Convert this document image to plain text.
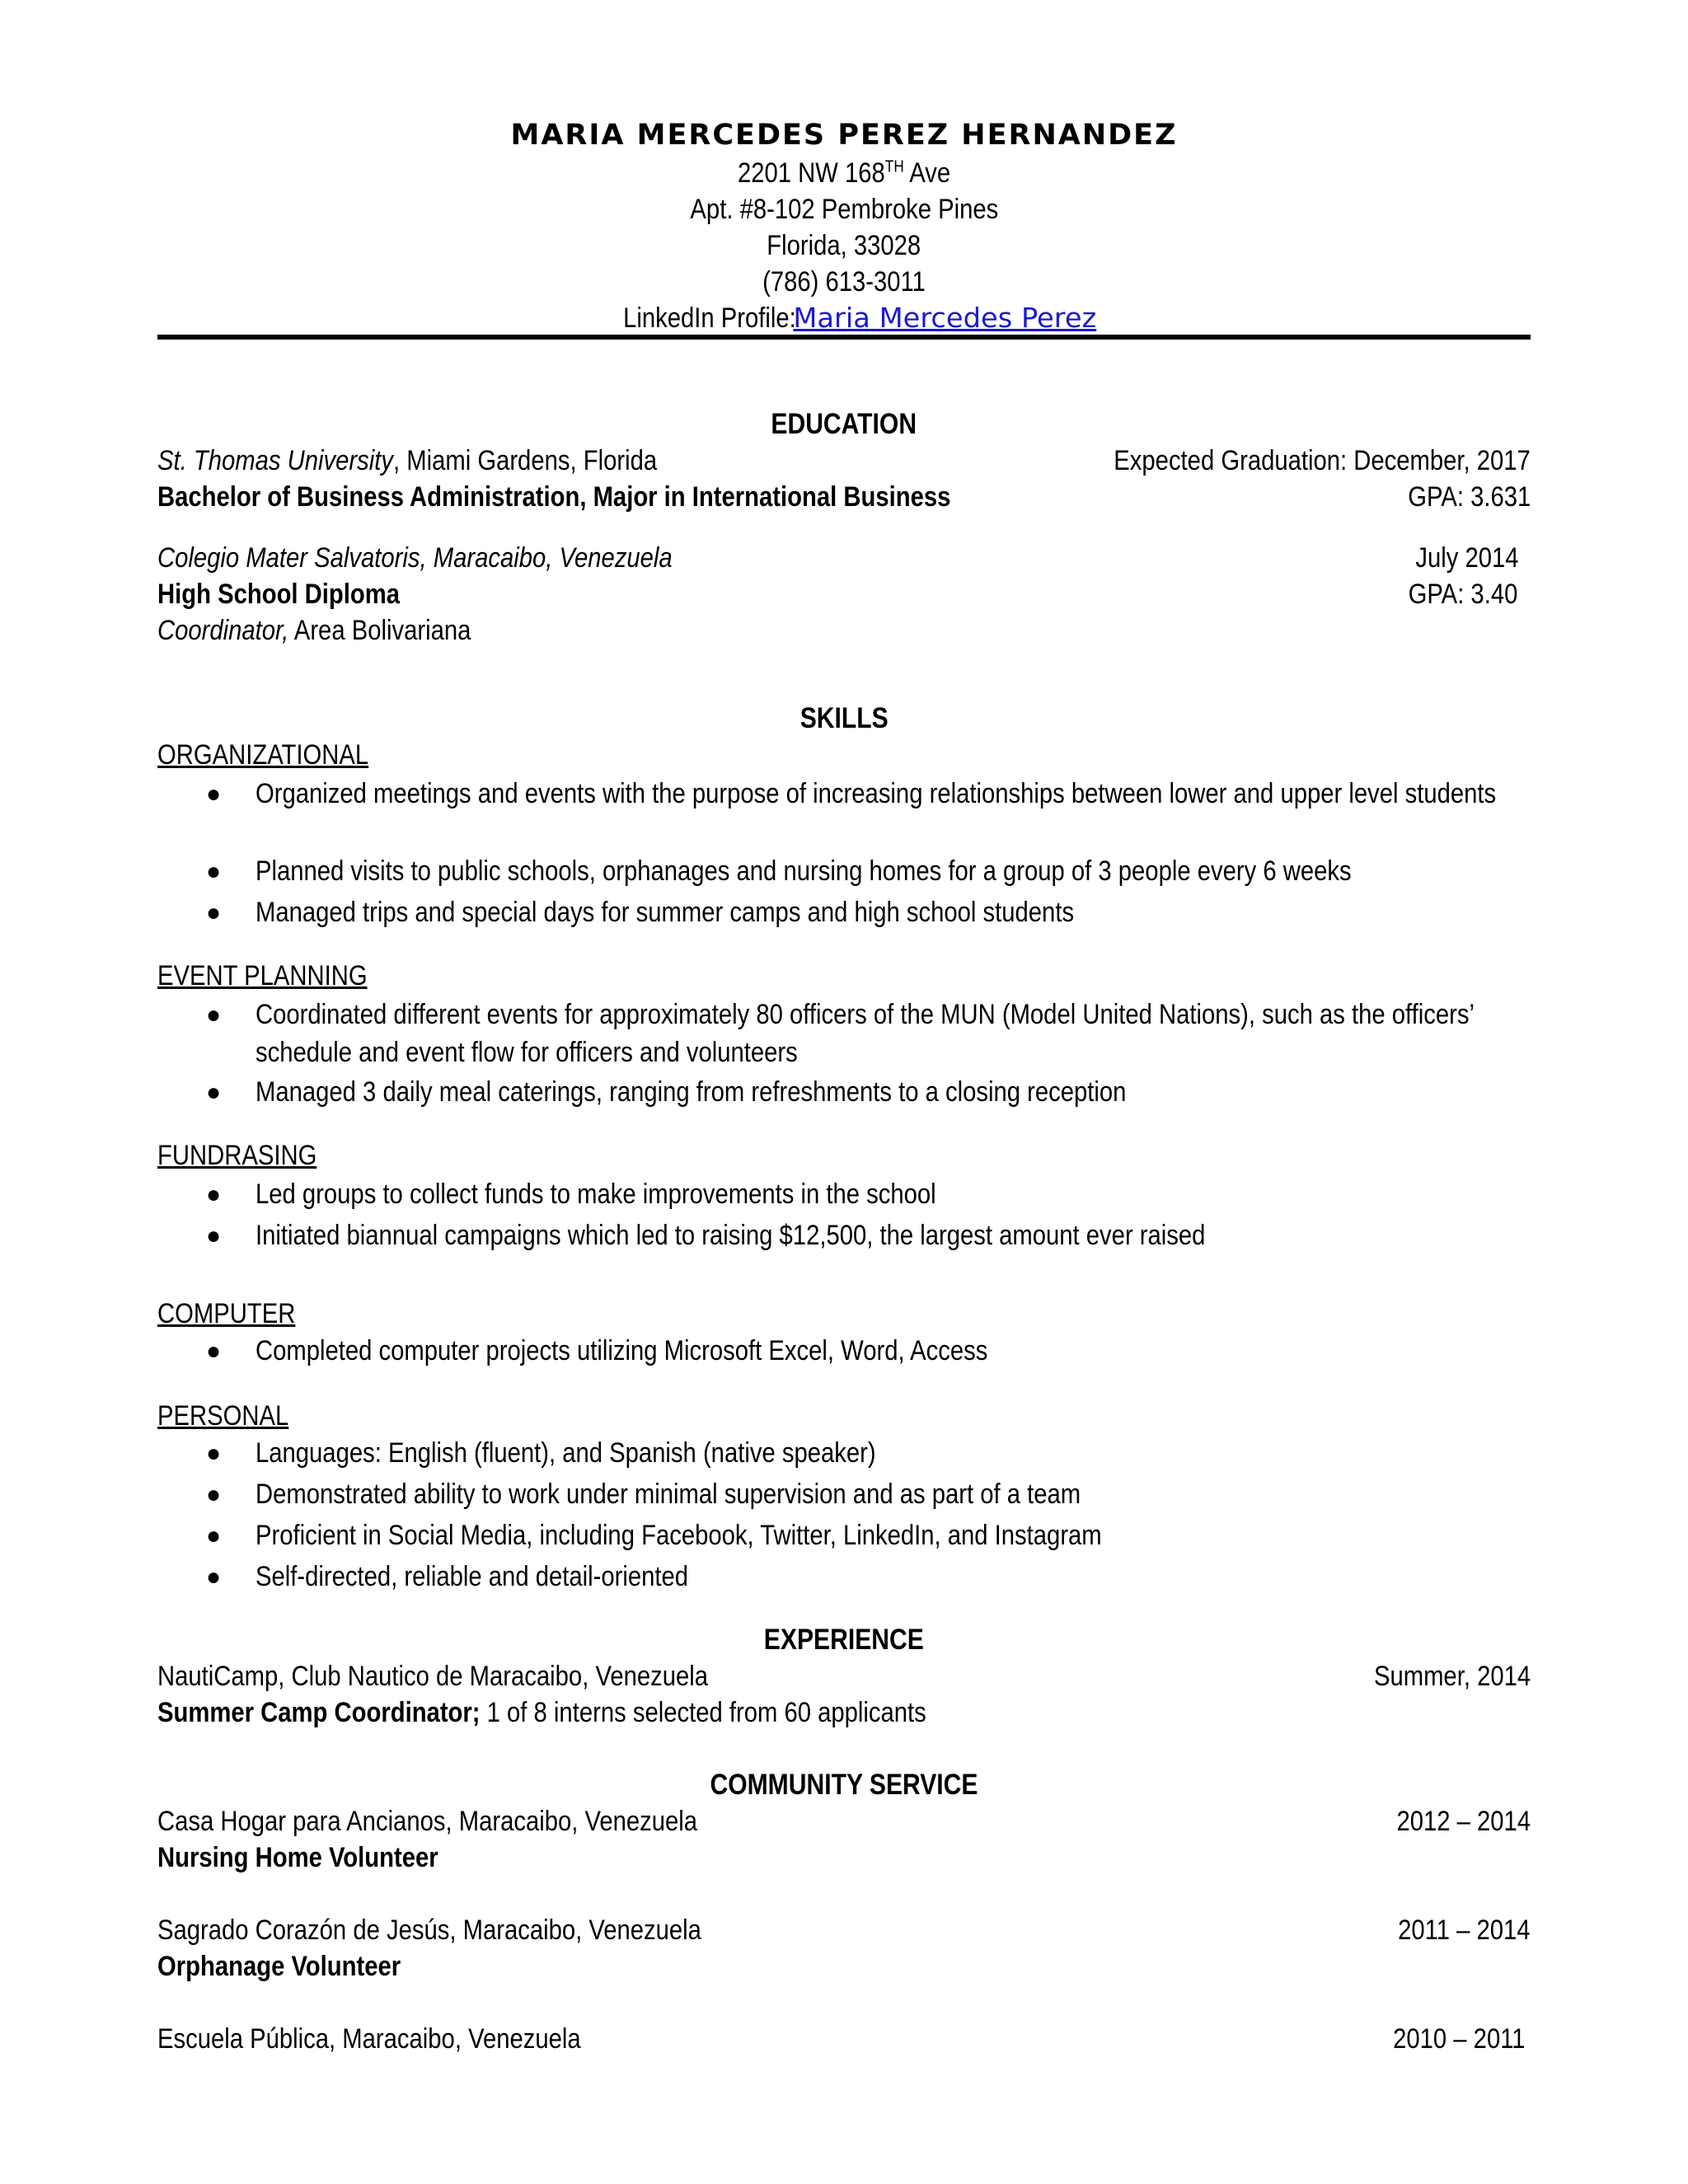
MARIA MERCEDES PEREZ HERNANDEZ
2201 NW 168TH Ave
Apt. #8-102 Pembroke Pines
Florida, 33028
(786) 613-3011
LinkedIn Profile:Maria Mercedes Perez
EDUCATION
St. Thomas University, Miami Gardens, Florida	Expected Graduation: December, 2017
Bachelor of Business Administration, Major in International Business	GPA: 3.631
Colegio Mater Salvatoris, Maracaibo, Venezuela	July 2014
High School Diploma	GPA: 3.40
Coordinator, Area Bolivariana
SKILLS
ORGANIZATIONAL
● Organized meetings and events with the purpose of increasing relationships between lower and upper level students
● Planned visits to public schools, orphanages and nursing homes for a group of 3 people every 6 weeks
● Managed trips and special days for summer camps and high school students
EVENT PLANNING
● Coordinated different events for approximately 80 officers of the MUN (Model United Nations), such as the officers’ schedule and event flow for officers and volunteers
● Managed 3 daily meal caterings, ranging from refreshments to a closing reception
FUNDRASING
● Led groups to collect funds to make improvements in the school
● Initiated biannual campaigns which led to raising $12,500, the largest amount ever raised
COMPUTER
● Completed computer projects utilizing Microsoft Excel, Word, Access
PERSONAL
● Languages: English (fluent), and Spanish (native speaker)
● Demonstrated ability to work under minimal supervision and as part of a team
● Proficient in Social Media, including Facebook, Twitter, LinkedIn, and Instagram
● Self-directed, reliable and detail-oriented
EXPERIENCE
NautiCamp, Club Nautico de Maracaibo, Venezuela	Summer, 2014
Summer Camp Coordinator; 1 of 8 interns selected from 60 applicants
COMMUNITY SERVICE
Casa Hogar para Ancianos, Maracaibo, Venezuela	2012 – 2014
Nursing Home Volunteer
Sagrado Corazón de Jesús, Maracaibo, Venezuela	2011 – 2014
Orphanage Volunteer
Escuela Pública, Maracaibo, Venezuela	2010 – 2011
